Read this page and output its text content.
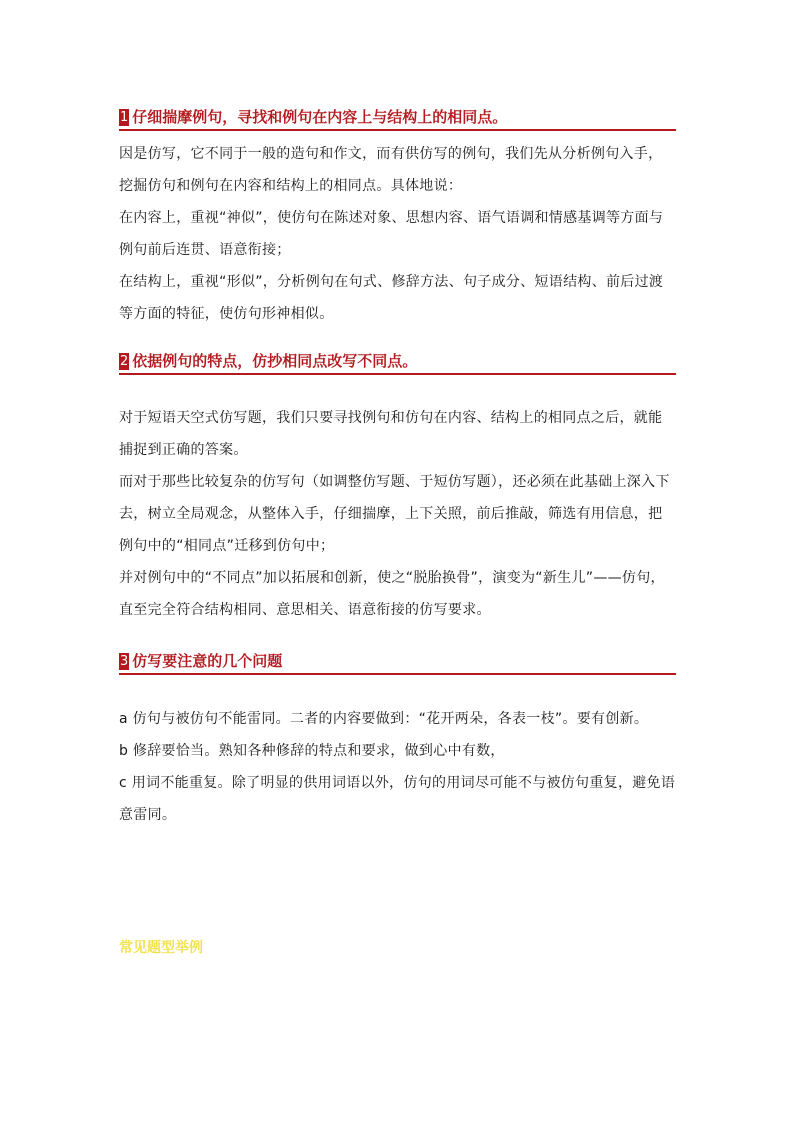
1 仔细揣摩例句，寻找和例句在内容上与结构上的相同点。

因是仿写，它不同于一般的造句和作文，而有供仿写的例句，我们先从分析例句入手，挖掘仿句和例句在内容和结构上的相同点。具体地说：

在内容上，重视“神似”，使仿句在陈述对象、思想内容、语气语调和情感基调等方面与例句前后连贯、语意衔接；

在结构上，重视“形似”，分析例句在句式、修辞方法、句子成分、短语结构、前后过渡等方面的特征，使仿句形神相似。

2 依据例句的特点，仿抄相同点改写不同点。

对于短语天空式仿写题，我们只要寻找例句和仿句在内容、结构上的相同点之后，就能捕捉到正确的答案。

而对于那些比较复杂的仿写句（如调整仿写题、于短仿写题），还必须在此基础上深入下去，树立全局观念，从整体入手，仔细揣摩，上下关照，前后推敲，筛选有用信息，把例句中的“相同点”迁移到仿句中；

并对例句中的“不同点”加以拓展和创新，使之“脱胎换骨”，演变为“新生儿”——仿句，直至完全符合结构相同、意思相关、语意衔接的仿写要求。

3 仿写要注意的几个问题

a 仿句与被仿句不能雷同。二者的内容要做到：“花开两朵，各表一枝”。要有创新。

b 修辞要恰当。熟知各种修辞的特点和要求，做到心中有数，

c 用词不能重复。除了明显的供用词语以外，仿句的用词尽可能不与被仿句重复，避免语意雷同。

常见题型举例
